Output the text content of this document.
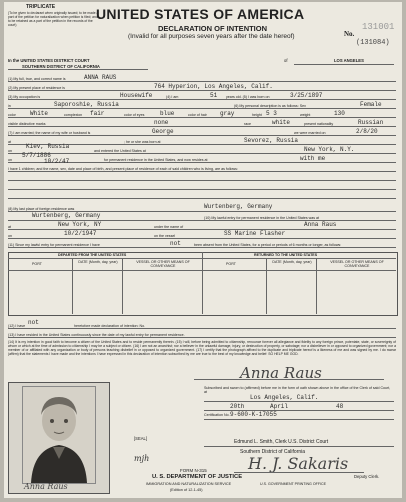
TRIPLICATE
(To be given to declarant when originally issued; to be made a part of the petition for naturalization when petition is filed; and to be retained as a part of the petition in the records of the court)
UNITED STATES OF AMERICA
DECLARATION OF INTENTION
(Invalid for all purposes seven years after the date hereof)	No.
131001
(131084)
In the UNITED STATES DISTRICT COURT
SOUTHERN DISTRICT OF CALIFORNIA
of	LOS ANGELES
(1) My full, true, and correct name is	ANNA RAUS
(2) My present place of residence is	764 Hyperion, Los Angeles, Calif.
(3) My occupation is	Housewife	(4) I am	51 years old. (5) I was born on	3/25/1897
in	Saporoshie, Russia	(6) My personal description is as follows: Sex	Female
color White	complexion fair	color of eyes	blue	color of hair gray	height 5 3	weight	130
visible distinctive marks	none	race	white	present nationality	Russian
(7) I am married; the name of my wife or husband is	George	we were married on	2/8/20
at	Sevorez, Russia
; he or she was born at
Kiev, Russia
on
5/7/1886
and entered the United States at	New York, N.Y.
on	10/2/47	for permanent residence in the United States, and now resides at	with me
I have 1 children; and the name, sex, date and place of birth, and present place of residence of each of said children who is living, are as follows:
(8) My last place of foreign residence was	Wurtenberg, Germany
Wurtenberg, Germany	(10) My lawful entry for permanent residence in the United States was at
at	New York, NY	under the name of	Anna Raus
on	10/2/1947	on the vessel	SS Marine Flasher
(11) Since my lawful entry for permanent residence I have	not	been absent from the United States, for a period or periods of 6 months or longer, as follows:
DEPARTED FROM THE UNITED STATES	RETURNED TO THE UNITED STATES
PORT	DATE (Month, day, year)	VESSEL OR OTHER MEANS OF CONVEYANCE
PORT	DATE (Month, day, year)	VESSEL OR OTHER MEANS OF CONVEYANCE
(12) I have not	heretofore made declaration of intention: No.
(13) I have resided in the United States continuously since the date of my lawful entry for permanent residence.
(14) It is my intention in good faith to become a citizen of the United States and to reside permanently therein. (15) I will, before being admitted to citizenship, renounce forever all allegiance and fidelity to any foreign prince, potentate, state, or sovereignty of whom or which at the time of admission to citizenship I may be a subject or citizen. (16) I am not an anarchist; nor a believer in the unlawful damage, injury, or destruction of property, or sabotage; nor a disbeliever in or opposed to organized government; nor a member of or affiliated with any organization or body of persons teaching disbelief in or opposed to organized government. (17) I certify that the photograph affixed to the duplicate and triplicate hereof is a likeness of me and was signed by me. I do swear (affirm) that the statements I have made and the intentions I have expressed in this declaration of intention subscribed by me are true to the best of my knowledge and belief: SO HELP ME GOD.
Anna Raus
Anna Raus
[SEAL]
mjh
Subscribed and sworn to (affirmed) before me in the form of oath shown above in the office of the Clerk of said Court, at
Los Angeles, Calif.
20th	April	48
Certification No. 9-600-K-17055
Edmund L. Smith, Clerk U.S. District Court
Southern District of California
H. J. Sakaris
Deputy Clerk.
FORM N-315
U. S. DEPARTMENT OF JUSTICE
IMMIGRATION AND NATURALIZATION SERVICE
(Edition of 12-1-45)
U.S. GOVERNMENT PRINTING OFFICE
